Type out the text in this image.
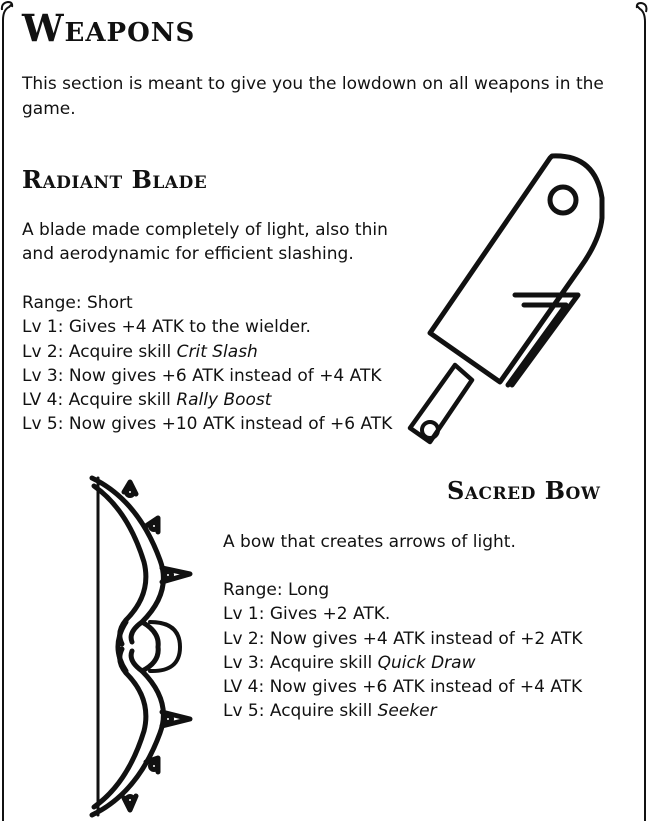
Weapons

This section is meant to give you the lowdown on all weapons in the game.

Radiant Blade
A blade made completely of light, also thin
and aerodynamic for efficient slashing.
Range: Short
Lv 1: Gives +4 ATK to the wielder.
Lv 2: Acquire skill Crit Slash
Lv 3: Now gives +6 ATK instead of +4 ATK
LV 4: Acquire skill Rally Boost
Lv 5: Now gives +10 ATK instead of +6 ATK
Sacred Bow
A bow that creates arrows of light.
Range: Long
Lv 1: Gives +2 ATK.
Lv 2: Now gives +4 ATK instead of +2 ATK
Lv 3: Acquire skill Quick Draw
LV 4: Now gives +6 ATK instead of +4 ATK
Lv 5: Acquire skill Seeker
